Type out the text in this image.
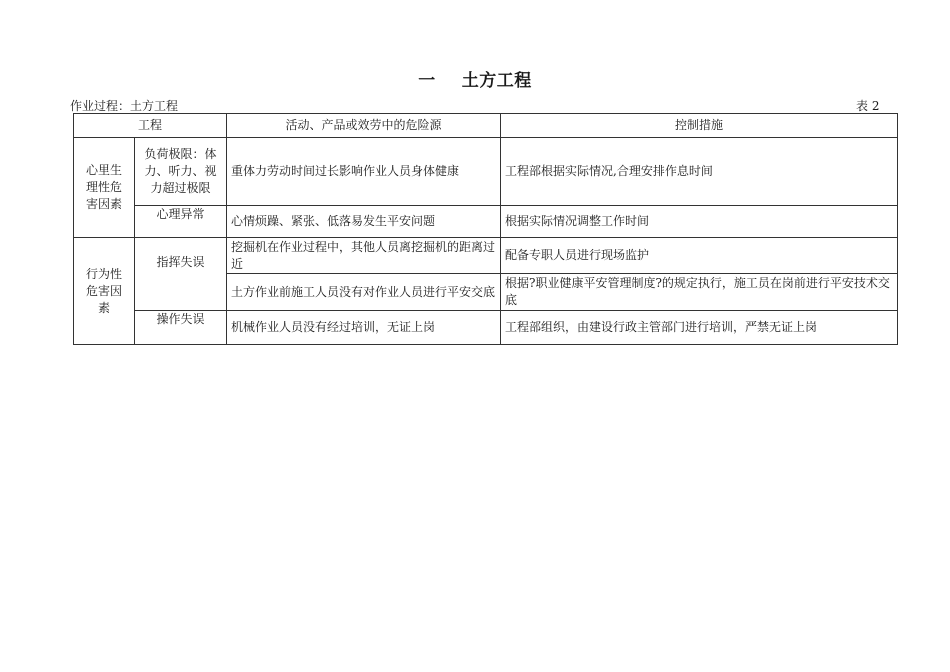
一 土方工程
作业过程：土方工程	表 2
工程		活动、产品或效劳中的危险源	控制措施
心里生理性危害因素	负荷极限：体力、听力、视力超过极限	重体力劳动时间过长影响作业人员身体健康	工程部根据实际情况,合理安排作息时间
	心理异常	心情烦躁、紧张、低落易发生平安问题	根据实际情况调整工作时间
行为性危害因素	指挥失误	挖掘机在作业过程中，其他人员离挖掘机的距离过近	配备专职人员进行现场监护
		土方作业前施工人员没有对作业人员进行平安交底	根据?职业健康平安管理制度?的规定执行，施工员在岗前进行平安技术交底
	操作失误	机械作业人员没有经过培训，无证上岗	工程部组织，由建设行政主管部门进行培训，严禁无证上岗
